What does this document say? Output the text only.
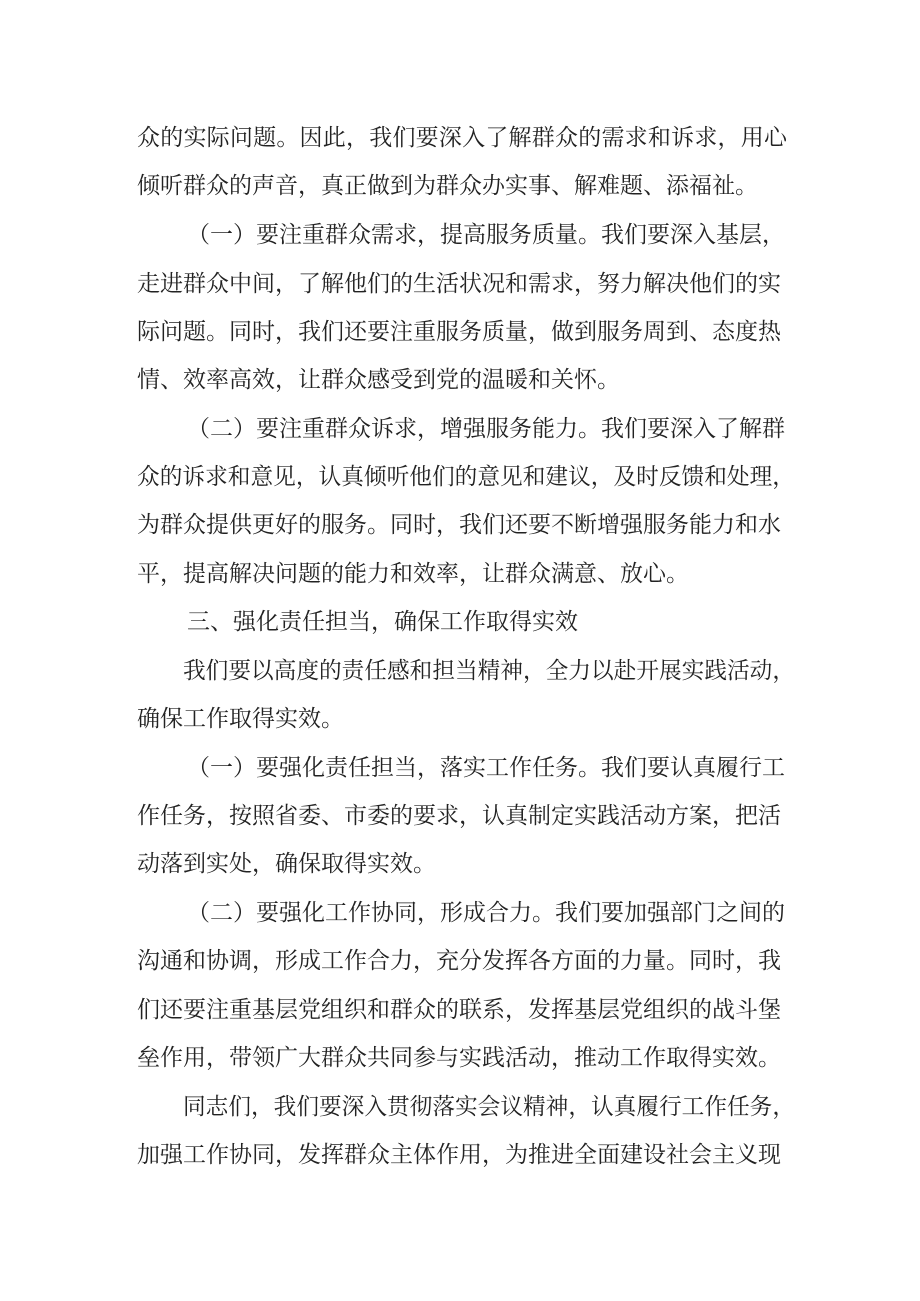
众的实际问题。因此，我们要深入了解群众的需求和诉求，用心
倾听群众的声音，真正做到为群众办实事、解难题、添福祉。
（一）要注重群众需求，提高服务质量。我们要深入基层，
走进群众中间，了解他们的生活状况和需求，努力解决他们的实
际问题。同时，我们还要注重服务质量，做到服务周到、态度热
情、效率高效，让群众感受到党的温暖和关怀。
（二）要注重群众诉求，增强服务能力。我们要深入了解群
众的诉求和意见，认真倾听他们的意见和建议，及时反馈和处理，
为群众提供更好的服务。同时，我们还要不断增强服务能力和水
平，提高解决问题的能力和效率，让群众满意、放心。
三、强化责任担当，确保工作取得实效
我们要以高度的责任感和担当精神，全力以赴开展实践活动，
确保工作取得实效。
（一）要强化责任担当，落实工作任务。我们要认真履行工
作任务，按照省委、市委的要求，认真制定实践活动方案，把活
动落到实处，确保取得实效。
（二）要强化工作协同，形成合力。我们要加强部门之间的
沟通和协调，形成工作合力，充分发挥各方面的力量。同时，我
们还要注重基层党组织和群众的联系，发挥基层党组织的战斗堡
垒作用，带领广大群众共同参与实践活动，推动工作取得实效。
同志们，我们要深入贯彻落实会议精神，认真履行工作任务，
加强工作协同，发挥群众主体作用，为推进全面建设社会主义现
